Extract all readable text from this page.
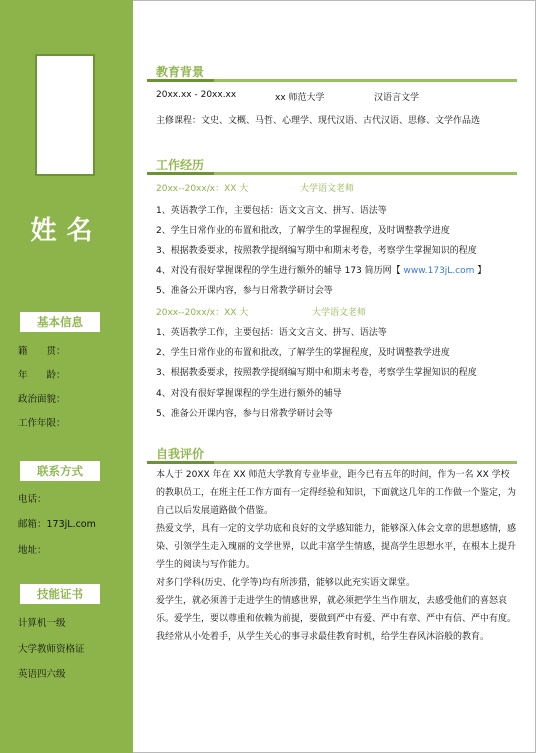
姓名
基本信息
籍　　贯：
年　　龄：
政治面貌：
工作年限：
联系方式
电话：
邮箱：173jL.com
地址：
技能证书
计算机一级
大学教师资格证
英语四六级
教育背景
20xx.xx - 20xx.xx	xx 师范大学	汉语言文学
主修课程：文史、文概、马哲、心理学、现代汉语、古代汉语、思修、文学作品选
工作经历
20xx--20xx/x：XX 大	大学语文老师
1、英语教学工作，主要包括：语文文言文、拼写、语法等
2、学生日常作业的布置和批改，了解学生的掌握程度，及时调整教学进度
3、根据教委要求，按照教学提纲编写期中和期末考卷，考察学生掌握知识的程度
4、对没有很好掌握课程的学生进行额外的辅导 173 简历网【 www.173jL.com 】
5、准备公开课内容，参与日常教学研讨会等
20xx--20xx/x：XX 大	大学语文老师
1、英语教学工作，主要包括：语文文言文、拼写、语法等
2、学生日常作业的布置和批改，了解学生的掌握程度，及时调整教学进度
3、根据教委要求，按照教学提纲编写期中和期末考卷，考察学生掌握知识的程度
4、对没有很好掌握课程的学生进行额外的辅导
5、准备公开课内容，参与日常教学研讨会等
自我评价
本人于 20XX 年在 XX 师范大学教育专业毕业，距今已有五年的时间，作为一名 XX 学校的教职员工，在班主任工作方面有一定得经验和知识，下面就这几年的工作做一个鉴定，为自己以后发展道路做个借鉴。
热爱文学，具有一定的文学功底和良好的文学感知能力，能够深入体会文章的思想感情，感染、引领学生走入瑰丽的文学世界，以此丰富学生情感，提高学生思想水平，在根本上提升学生的阅读与写作能力。
对多门学科(历史、化学等)均有所涉猎，能够以此充实语文课堂。
爱学生，就必须善于走进学生的情感世界，就必须把学生当作朋友，去感受他们的喜怒哀乐。爱学生，要以尊重和依赖为前提，要做到严中有爱、严中有章、严中有信、严中有度。我经常从小处着手，从学生关心的事寻求最佳教育时机，给学生春风沐浴般的教育。
